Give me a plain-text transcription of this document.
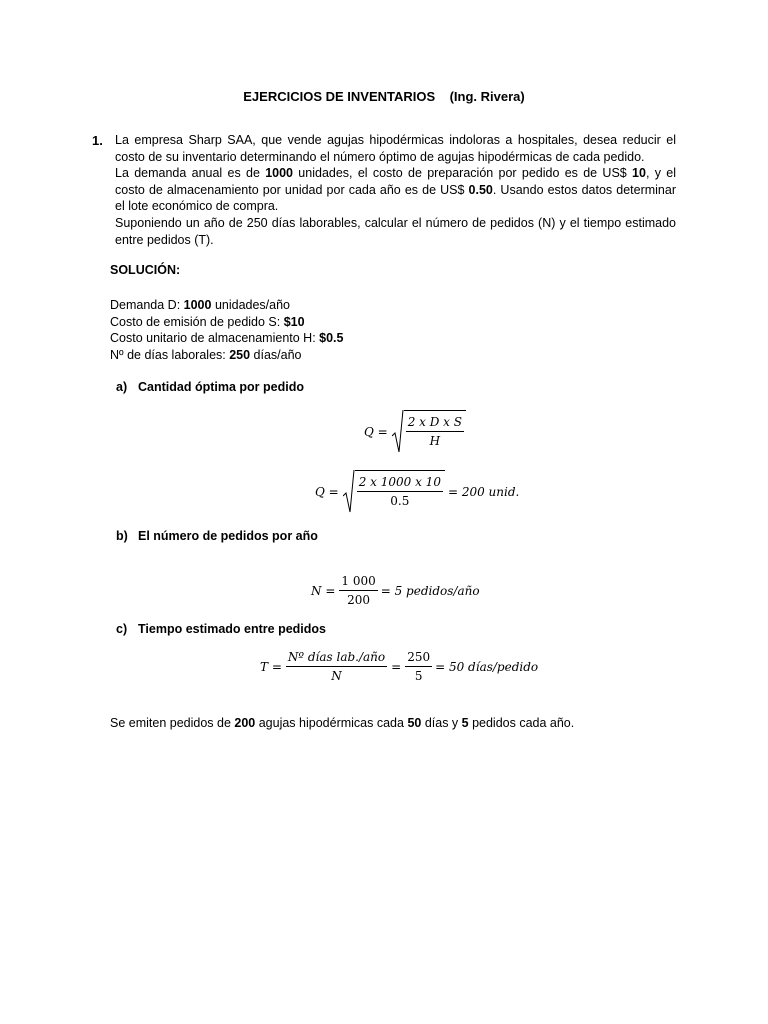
EJERCICIOS DE INVENTARIOS    (Ing. Rivera)
1. La empresa Sharp SAA, que vende agujas hipodérmicas indoloras a hospitales, desea reducir el costo de su inventario determinando el número óptimo de agujas hipodérmicas de cada pedido.

La demanda anual es de 1000 unidades, el costo de preparación por pedido es de US$ 10, y el costo de almacenamiento por unidad por cada año es de US$ 0.50. Usando estos datos determinar el lote económico de compra.

Suponiendo un año de 250 días laborables, calcular el número de pedidos (N) y el tiempo estimado entre pedidos (T).

SOLUCIÓN:
Demanda D: 1000 unidades/año
Costo de emisión de pedido S: $10
Costo unitario de almacenamiento H: $0.5
Nº de días laborales: 250 días/año
a) Cantidad óptima por pedido
$Q = \frac{\text{2 x D x S}}{H}$
$Q = \frac{2 x 1000 x 10}{0.5} = 200$ unid.
b) El número de pedidos por año
$N = \frac{1 000}{200} = 5$ pedidos/año
c) Tiempo estimado entre pedidos
$T = \frac{\text{Nº días lab./año}}{N} = \frac{250}{5} = 50$ días/pedido
Se emiten pedidos de 200 agujas hipodérmicas cada 50 días y 5 pedidos cada año.
